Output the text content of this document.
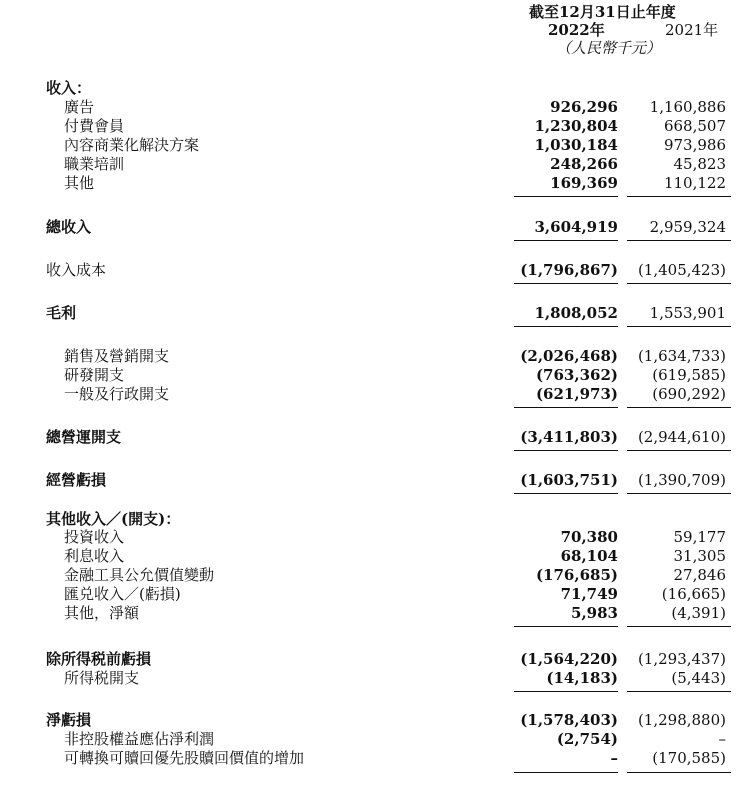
截至12月31日止年度
2022年	2021年
（人民幣千元）
收入：
廣告	926,296 1,160,886
付費會員	1,230,804	668,507
內容商業化解決方案	1,030,184	973,986
職業培訓	248,266	45,823
其他	169,369	110,122
總收入	3,604,919 2,959,324
收入成本	(1,796,867) (1,405,423)
毛利	1,808,052 1,553,901
銷售及營銷開支	(2,026,468) (1,634,733)
研發開支	(763,362) (619,585)
一般及行政開支	(621,973) (690,292)
總營運開支	(3,411,803) (2,944,610)
經營虧損	(1,603,751) (1,390,709)
其他收入／(開支)：
投資收入	70,380	59,177
利息收入	68,104	31,305
金融工具公允價值變動	(176,685)	27,846
匯兑收入／(虧損)	71,749	(16,665)
其他，淨額	5,983	(4,391)
除所得税前虧損	(1,564,220) (1,293,437)
所得税開支	(14,183)	(5,443)
淨虧損	(1,578,403) (1,298,880)
非控股權益應佔淨利潤	(2,754)	–
可轉換可贖回優先股贖回價值的增加	– (170,585)
